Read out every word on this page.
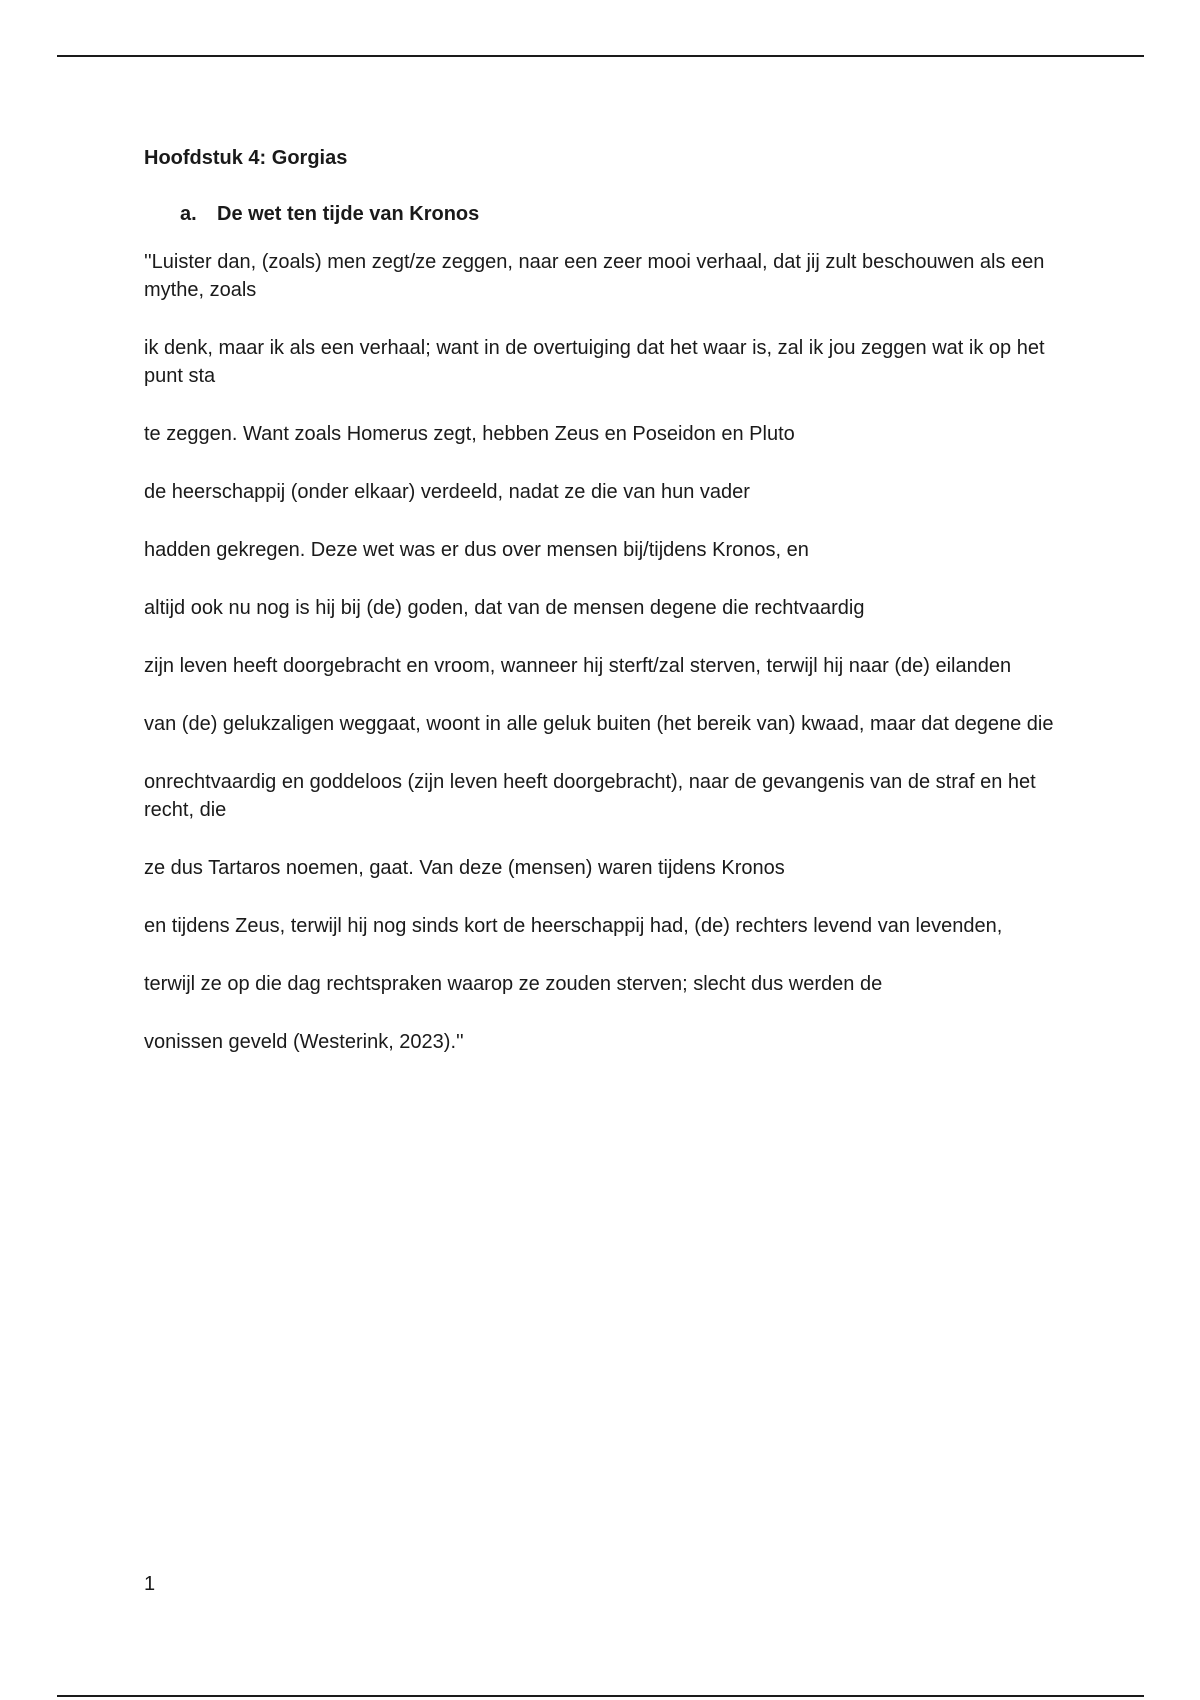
Hoofdstuk 4: Gorgias
a.	De wet ten tijde van Kronos

''Luister dan, (zoals) men zegt/ze zeggen, naar een zeer mooi verhaal, dat jij zult beschouwen als een mythe, zoals

ik denk, maar ik als een verhaal; want in de overtuiging dat het waar is, zal ik jou zeggen wat ik op het punt sta

te zeggen. Want zoals Homerus zegt, hebben Zeus en Poseidon en Pluto

de heerschappij (onder elkaar) verdeeld, nadat ze die van hun vader

hadden gekregen. Deze wet was er dus over mensen bij/tijdens Kronos, en

altijd ook nu nog is hij bij (de) goden, dat van de mensen degene die rechtvaardig

zijn leven heeft doorgebracht en vroom, wanneer hij sterft/zal sterven, terwijl hij naar (de) eilanden

van (de) gelukzaligen weggaat, woont in alle geluk buiten (het bereik van) kwaad, maar dat degene die

onrechtvaardig en goddeloos (zijn leven heeft doorgebracht), naar de gevangenis van de straf en het recht, die

ze dus Tartaros noemen, gaat. Van deze (mensen) waren tijdens Kronos

en tijdens Zeus, terwijl hij nog sinds kort de heerschappij had, (de) rechters levend van levenden,

terwijl ze op die dag rechtspraken waarop ze zouden sterven; slecht dus werden de

vonissen geveld (Westerink, 2023).''

1
